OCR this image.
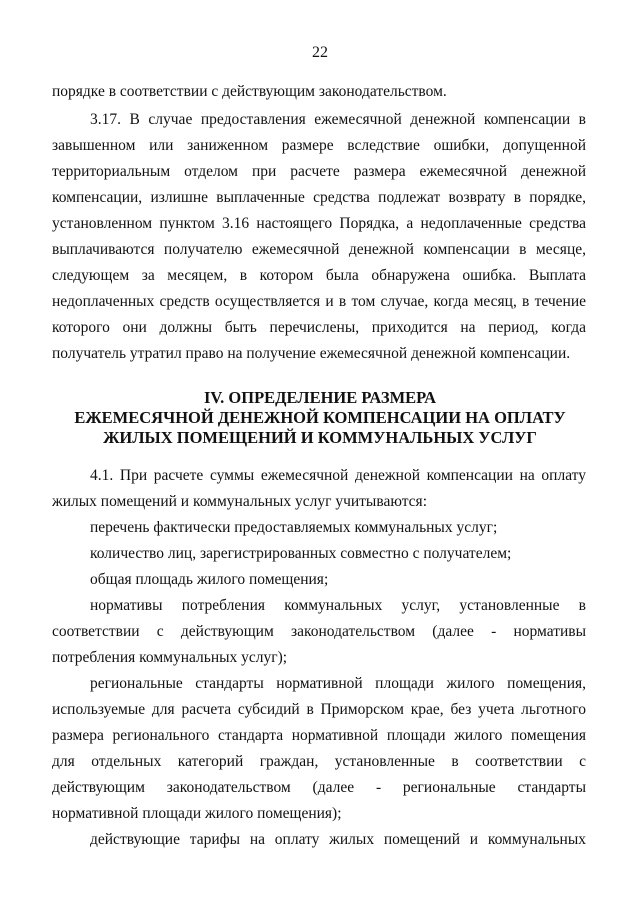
22
порядке в соответствии с действующим законодательством.
3.17. В случае предоставления ежемесячной денежной компенсации в
завышенном или заниженном размере вследствие ошибки, допущенной
территориальным отделом при расчете размера ежемесячной денежной
компенсации, излишне выплаченные средства подлежат возврату в порядке,
установленном пунктом 3.16 настоящего Порядка, а недоплаченные средства
выплачиваются получателю ежемесячной денежной компенсации в месяце,
следующем за месяцем, в котором была обнаружена ошибка. Выплата
недоплаченных средств осуществляется и в том случае, когда месяц, в течение
которого они должны быть перечислены, приходится на период, когда
получатель утратил право на получение ежемесячной денежной компенсации.
IV. ОПРЕДЕЛЕНИЕ РАЗМЕРА
ЕЖЕМЕСЯЧНОЙ ДЕНЕЖНОЙ КОМПЕНСАЦИИ НА ОПЛАТУ
ЖИЛЫХ ПОМЕЩЕНИЙ И КОММУНАЛЬНЫХ УСЛУГ
4.1. При расчете суммы ежемесячной денежной компенсации на оплату
жилых помещений и коммунальных услуг учитываются:
перечень фактически предоставляемых коммунальных услуг;
количество лиц, зарегистрированных совместно с получателем;
общая площадь жилого помещения;
нормативы потребления коммунальных услуг, установленные в
соответствии с действующим законодательством (далее - нормативы
потребления коммунальных услуг);
региональные стандарты нормативной площади жилого помещения,
используемые для расчета субсидий в Приморском крае, без учета льготного
размера регионального стандарта нормативной площади жилого помещения
для отдельных категорий граждан, установленные в соответствии с
действующим законодательством (далее - региональные стандарты
нормативной площади жилого помещения);
действующие тарифы на оплату жилых помещений и коммунальных
